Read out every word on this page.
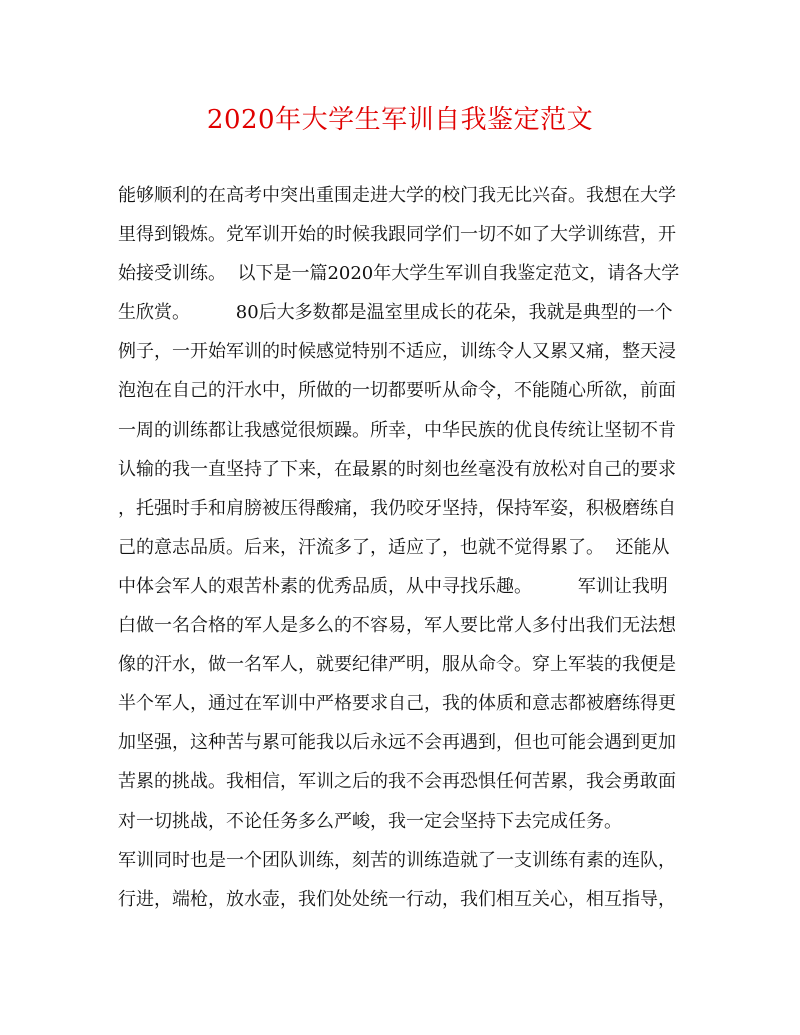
2020年大学生军训自我鉴定范文
能够顺利的在高考中突出重围走进大学的校门我无比兴奋。我想在大学
里得到锻炼。党军训开始的时候我跟同学们一切不如了大学训练营，开
始接受训练。  以下是一篇2020年大学生军训自我鉴定范文，请各大学
生欣赏。        80后大多数都是温室里成长的花朵，我就是典型的一个
例子，一开始军训的时候感觉特别不适应，训练令人又累又痛，整天浸
泡泡在自己的汗水中，所做的一切都要听从命令，不能随心所欲，前面
一周的训练都让我感觉很烦躁。所幸，中华民族的优良传统让坚韧不肯
认输的我一直坚持了下来，在最累的时刻也丝毫没有放松对自己的要求
，托强时手和肩膀被压得酸痛，我仍咬牙坚持，保持军姿，积极磨练自
己的意志品质。后来，汗流多了，适应了，也就不觉得累了。  还能从
中体会军人的艰苦朴素的优秀品质，从中寻找乐趣。        军训让我明
白做一名合格的军人是多么的不容易，军人要比常人多付出我们无法想
像的汗水，做一名军人，就要纪律严明，服从命令。穿上军装的我便是
半个军人，通过在军训中严格要求自己，我的体质和意志都被磨练得更
加坚强，这种苦与累可能我以后永远不会再遇到，但也可能会遇到更加
苦累的挑战。我相信，军训之后的我不会再恐惧任何苦累，我会勇敢面
对一切挑战，不论任务多么严峻，我一定会坚持下去完成任务。
军训同时也是一个团队训练，刻苦的训练造就了一支训练有素的连队，
行进，端枪，放水壶，我们处处统一行动，我们相互关心，相互指导，
